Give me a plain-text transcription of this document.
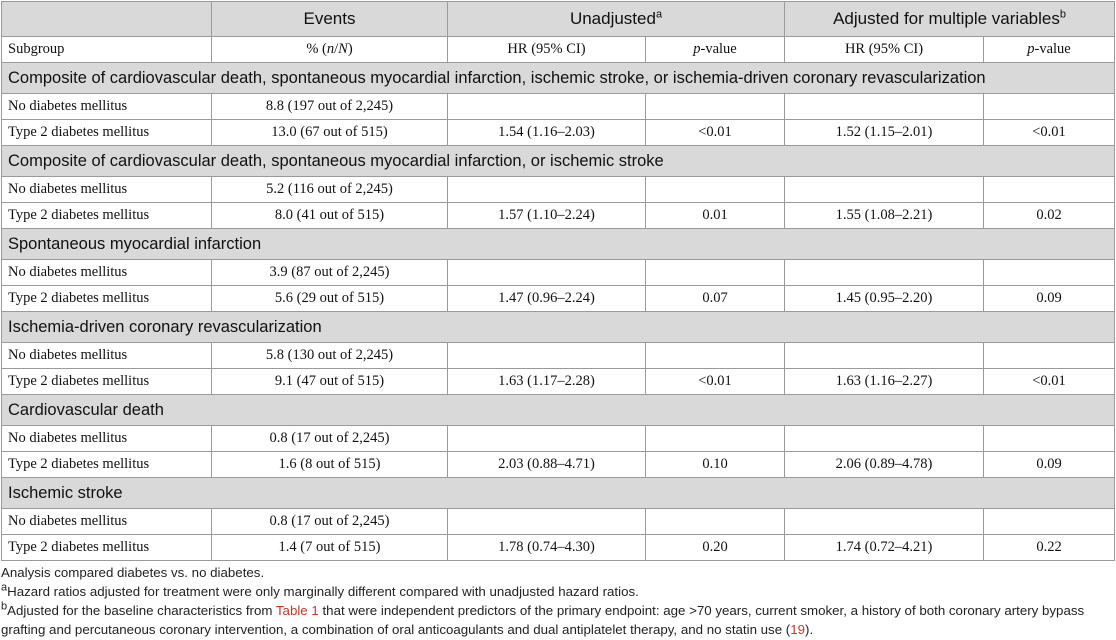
	Events	Unadjusted$^a$		Adjusted for multiple variables$^b$
Subgroup	% (n/N)	HR (95% CI)	p-value	HR (95% CI)	p-value
Composite of cardiovascular death, spontaneous myocardial infarction, ischemic stroke, or ischemia-driven coronary revascularization					
No diabetes mellitus	8.8 (197 out of 2,245)				
Type 2 diabetes mellitus	13.0 (67 out of 515)	1.54 (1.16–2.03)	<0.01	1.52 (1.15–2.01)	<0.01
Composite of cardiovascular death, spontaneous myocardial infarction, or ischemic stroke					
No diabetes mellitus	5.2 (116 out of 2,245)				
Type 2 diabetes mellitus	8.0 (41 out of 515)	1.57 (1.10–2.24)	0.01	1.55 (1.08–2.21)	0.02
Spontaneous myocardial infarction					
No diabetes mellitus	3.9 (87 out of 2,245)				
Type 2 diabetes mellitus	5.6 (29 out of 515)	1.47 (0.96–2.24)	0.07	1.45 (0.95–2.20)	0.09
Ischemia-driven coronary revascularization					
No diabetes mellitus	5.8 (130 out of 2,245)				
Type 2 diabetes mellitus	9.1 (47 out of 515)	1.63 (1.17–2.28)	<0.01	1.63 (1.16–2.27)	<0.01
Cardiovascular death					
No diabetes mellitus	0.8 (17 out of 2,245)				
Type 2 diabetes mellitus	1.6 (8 out of 515)	2.03 (0.88–4.71)	0.10	2.06 (0.89–4.78)	0.09
Ischemic stroke					
No diabetes mellitus	0.8 (17 out of 2,245)				
Type 2 diabetes mellitus	1.4 (7 out of 515)	1.78 (0.74–4.30)	0.20	1.74 (0.72–4.21)	0.22

Analysis compared diabetes vs. no diabetes.

$^a$Hazard ratios adjusted for treatment were only marginally different compared with unadjusted hazard ratios.

$^b$Adjusted for the baseline characteristics from Table 1 that were independent predictors of the primary endpoint: age >70 years, current smoker, a history of both coronary artery bypass grafting and percutaneous coronary intervention, a combination of oral anticoagulants and dual antiplatelet therapy, and no statin use (19).
